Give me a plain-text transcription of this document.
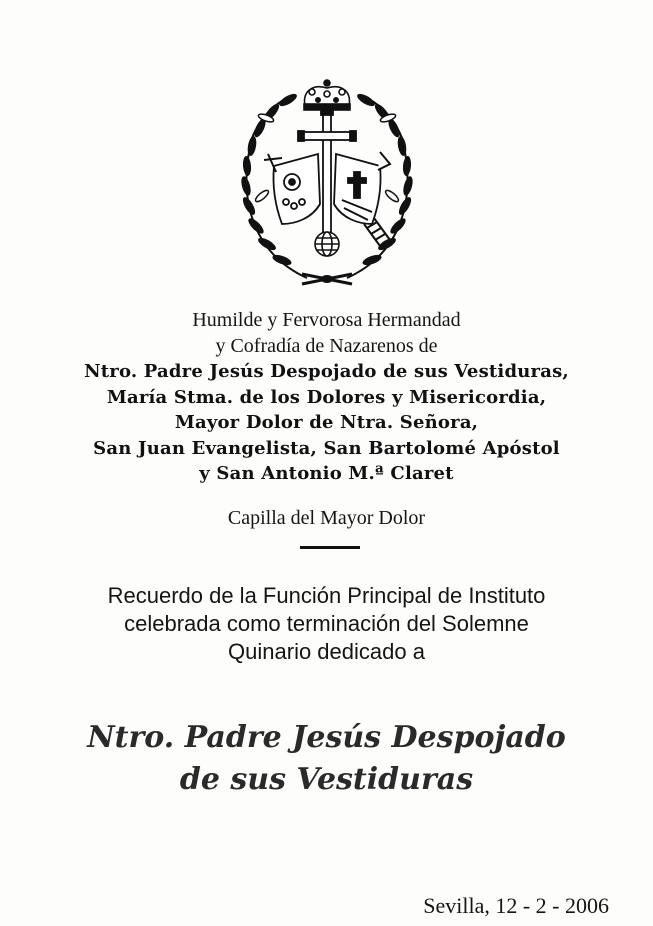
Humilde y Fervorosa Hermandad
y Cofradía de Nazarenos de
Ntro. Padre Jesús Despojado de sus Vestiduras,
María Stma. de los Dolores y Misericordia,
Mayor Dolor de Ntra. Señora,
San Juan Evangelista, San Bartolomé Apóstol
y San Antonio M.ª Claret
Capilla del Mayor Dolor
Recuerdo de la Función Principal de Instituto
celebrada como terminación del Solemne
Quinario dedicado a
Ntro. Padre Jesús Despojado
de sus Vestiduras
Sevilla, 12 - 2 - 2006
